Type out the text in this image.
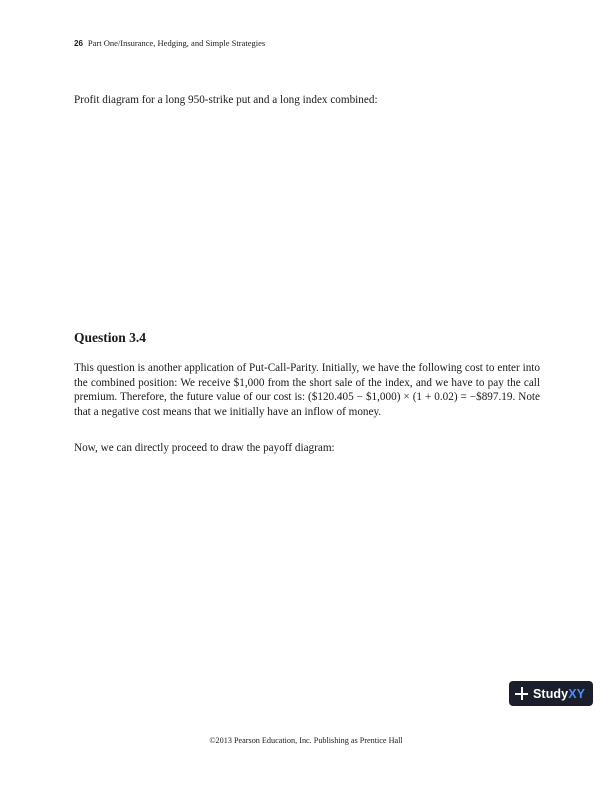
26 Part One/Insurance, Hedging, and Simple Strategies
Profit diagram for a long 950-strike put and a long index combined:
Question 3.4

This question is another application of Put-Call-Parity. Initially, we have the following cost to enter into the combined position: We receive $1,000 from the short sale of the index, and we have to pay the call premium. Therefore, the future value of our cost is: ($120.405 − $1,000) × (1 + 0.02) = −$897.19. Note that a negative cost means that we initially have an inflow of money.

Now, we can directly proceed to draw the payoff diagram:

StudyXY
©2013 Pearson Education, Inc. Publishing as Prentice Hall
